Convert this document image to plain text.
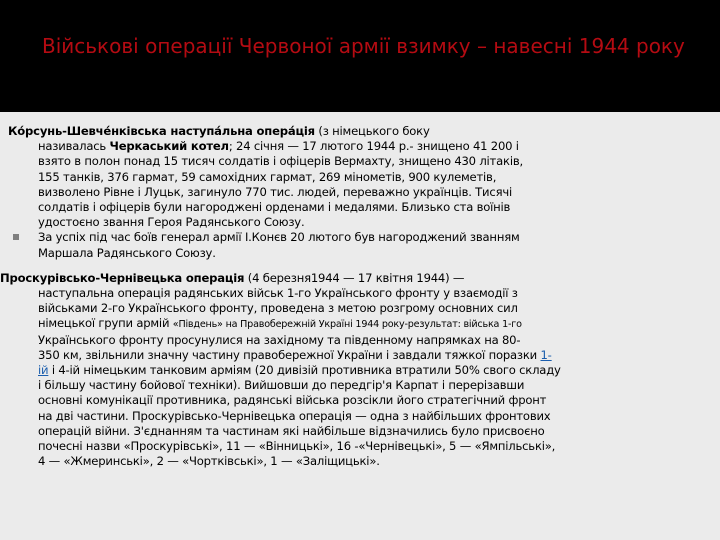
Військові операції Червоної армії взимку – навесні 1944 року
Ко́рсунь-Шевче́нківська наступа́льна опера́ція (з німецького боку
називалась Черкаський котел; 24 січня — 17 лютого 1944 р.- знищено 41 200 і
взято в полон понад 15 тисяч солдатів і офіцерів Вермахту, знищено 430 літаків,
155 танків, 376 гармат, 59 самохідних гармат, 269 мінометів, 900 кулеметів,
визволено Рівне і Луцьк, загинуло 770 тис. людей, переважно українців. Тисячі
солдатів і офіцерів були нагороджені орденами і медалями. Близько ста воїнів
удостоєно звання Героя Радянського Союзу.
За успіх під час боїв генерал армії І.Конєв 20 лютого був нагороджений званням
Маршала Радянського Союзу.
Проскурівсько-Чернівецька операція (4 березня1944 — 17 квітня 1944) —
наступальна операція радянських військ 1-го Українського фронту у взаємодії з
військами 2-го Українського фронту, проведена з метою розгрому основних сил
німецької групи армій «Південь» на Правобережній Україні 1944 року-результат: війська 1-го
Українського фронту просунулися на західному та південному напрямках на 80-
350 км, звільнили значну частину правобережної України і завдали тяжкої поразки 1-
ій і 4-ій німецьким танковим арміям (20 дивізій противника втратили 50% свого складу
і більшу частину бойової техніки). Вийшовши до передгір'я Карпат і перерізавши
основні комунікації противника, радянські війська розсікли його стратегічний фронт
на дві частини. Проскурівсько-Чернівецька операція — одна з найбільших фронтових
операцій війни. З'єднанням та частинам які найбільше відзначились було присвоєно
почесні назви «Проскурівські», 11 — «Вінницькі», 16 -«Чернівецькі», 5 — «Ямпільські»,
4 — «Жмеринські», 2 — «Чортківські», 1 — «Заліщицькі».
